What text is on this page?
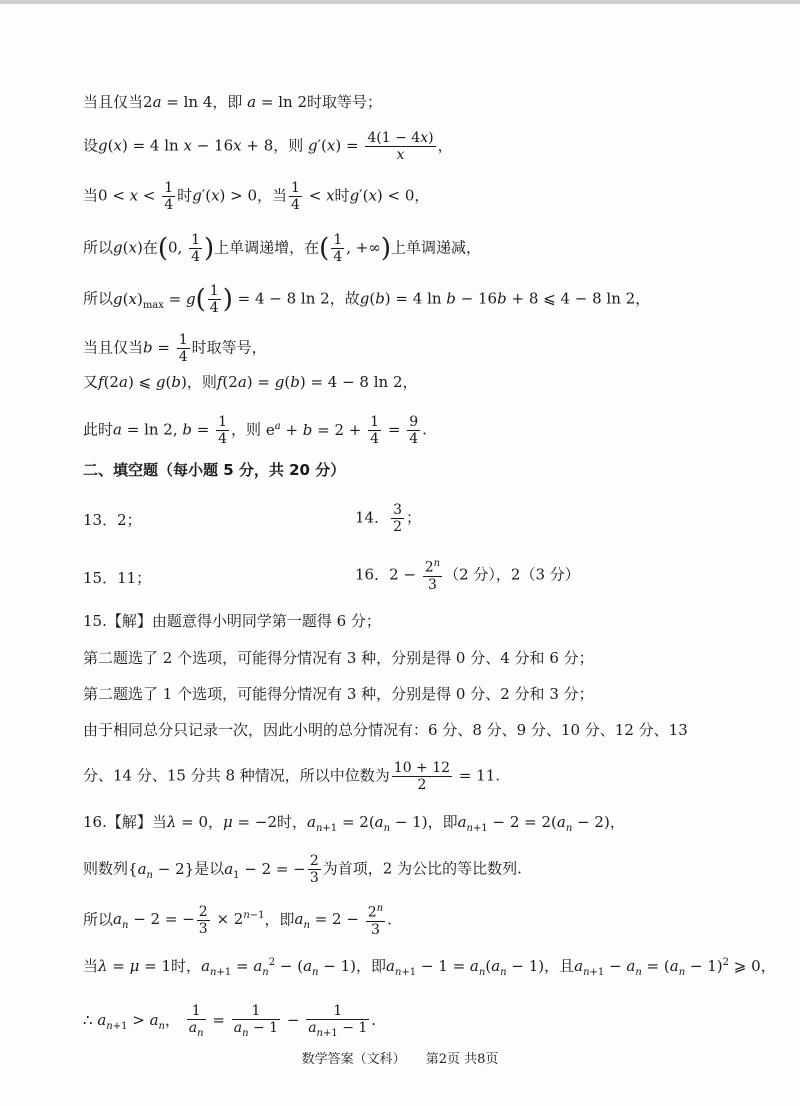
当且仅当2a = ln 4，即 a = ln 2时取等号；
设g(x) = 4 ln x − 16x + 8，则 $g'(x) = \frac{4(1 - 4x)}{x}$ ，
当$0 < x < \frac{1}{4}$ 时g′(x) > 0，当 $\frac{1}{4} < x$时g′(x) < 0，
所以g(x)在(0, $\frac{1}{4}$ )上单调递增，在( $\frac{1}{4}$ , +∞)上单调递减，
所以$g(x)_{max} = g( \frac{1}{4}$ ) = 4 − 8 ln 2，故g(b) = 4 ln b − 16b + 8 ⩽ 4 − 8 ln 2，
当且仅当$b = \frac{1}{4}$ 时取等号，
又f(2a) ⩽ g(b)，则f(2a) = g(b) = 4 − 8 ln 2，
此时a = ln 2, $b = \frac{1}{4}$ ，则 $e^a + b = 2 + \frac{1}{4} = \frac{9}{4}$ .
二、填空题（每小题 5 分，共 20 分）
13．2；	14． $\frac{3}{2}$ ；
15．11；	16．$2 - \frac{2^n}{3} (2$ 分），2（3 分）
15.【解】由题意得小明同学第一题得 6 分；
第二题选了 2 个选项，可能得分情况有 3 种，分别是得 0 分、4 分和 6 分；
第二题选了 1 个选项，可能得分情况有 3 种，分别是得 0 分、2 分和 3 分；
由于相同总分只记录一次，因此小明的总分情况有：6 分、8 分、9 分、10 分、12 分、13
分、14 分、15 分共 8 种情况，所以中位数为 $\frac{10 + 12}{2} = 11$.
16.【解】当λ = 0，μ = −2时，$a_{n+1} = 2(a_n - 1)$，即$a_{n+1} - 2 = 2(a_n - 2)$，
则数列$\{a_n - 2\}$是以$a_1 - 2$ = − $\frac{2}{3}$ 为首项，2 为公比的等比数列.
所以$a_n - 2$ = − $\frac{2}{3} \times 2^{n-1}$，即$a_n = 2 - \frac{2^n}{3}$ .
当λ = μ = 1时，$a_{n+1} = a_n^2 - (a_n - 1)$，即$a_{n+1} - 1 = a_n(a_n - 1)$，且$a_{n+1} - a_n = (a_n - 1)^2$ ⩾ 0，
∴ $a_{n+1} > a_n$， $\frac{1}{a_n} = \frac{1}{a_n - 1} - \frac{1}{a_{n+1} - 1}$ .
数学答案（文科） 第2页 共8页
